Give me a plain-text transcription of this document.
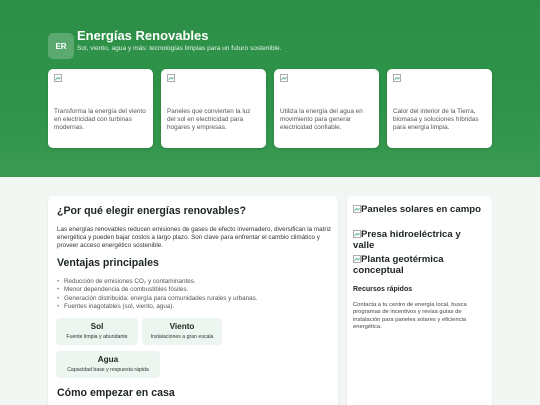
ER
Energías Renovables
Sol, viento, agua y más: tecnologías limpias para un futuro sostenible.
Transforma la energía del viento en electricidad con turbinas modernas.
Paneles que convierten la luz del sol en electricidad para hogares y empresas.
Utiliza la energía del agua en movimiento para generar electricidad confiable.
Calor del interior de la Tierra, biomasa y soluciones híbridas para energía limpia.
¿Por qué elegir energías renovables?
Las energías renovables reducen emisiones de gases de efecto invernadero, diversifican la matriz energética y pueden bajar costos a largo plazo. Son clave para enfrentar el cambio climático y proveer acceso energético sostenible.
Ventajas principales
• Reducción de emisiones CO₂ y contaminantes.
• Menor dependencia de combustibles fósiles.
• Generación distribuida: energía para comunidades rurales y urbanas.
• Fuentes inagotables (sol, viento, agua).
Sol
Fuente limpia y abundante
Viento
Instalaciones a gran escala
Agua
Capacidad base y respuesta rápida
Cómo empezar en casa
Paneles solares en campo
Presa hidroeléctrica y valle
Planta geotérmica conceptual
Recursos rápidos
Contacta a tu centro de energía local, busca programas de incentivos y revisa guías de instalación para paneles solares y eficiencia energética.
